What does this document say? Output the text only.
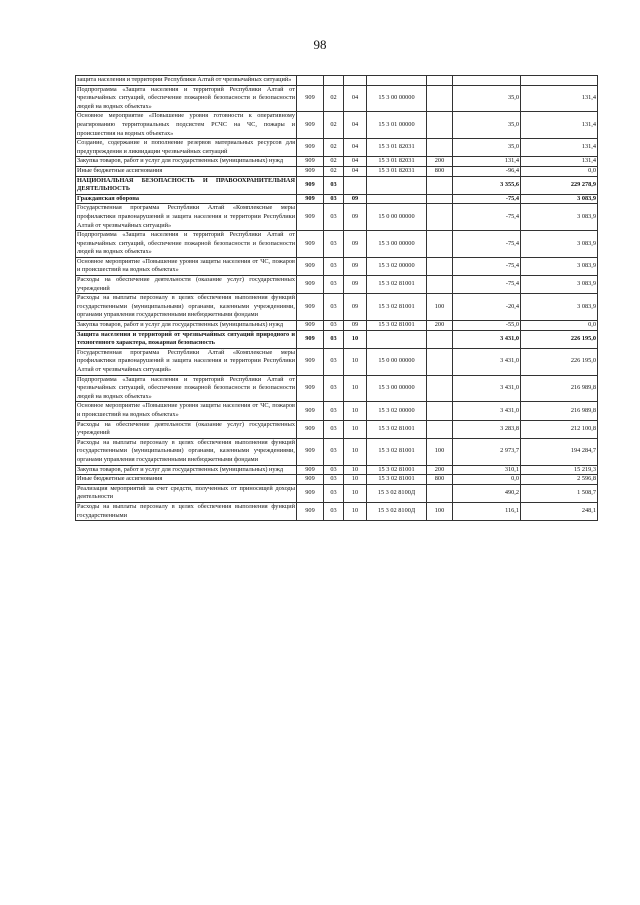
98
защита населения и территории Республики Алтай от чрезвычайных ситуаций»							
Подпрограмма «Защита населения и территорий Республики Алтай от чрезвычайных ситуаций, обеспечение пожарной безопасности и безопасности людей на водных объектах»	909	02	04	15 3 00 00000		35,0	131,4
Основное мероприятие «Повышение уровня готовности к оперативному реагированию территориальных подсистем РСЧС на ЧС, пожары и происшествия на водных объектах»	909	02	04	15 3 01 00000		35,0	131,4
Создание, содержание и пополнение резервов материальных ресурсов для предупреждения и ликвидации чрезвычайных ситуаций	909	02	04	15 3 01 82031		35,0	131,4
Закупка товаров, работ и услуг для государственных (муниципальных) нужд	909	02	04	15 3 01 82031	200	131,4	131,4
Иные бюджетные ассигнования	909	02	04	15 3 01 82031	800	-96,4	0,0
НАЦИОНАЛЬНАЯ БЕЗОПАСНОСТЬ И ПРАВООХРАНИТЕЛЬНАЯ ДЕЯТЕЛЬНОСТЬ	909	03				3 355,6	229 278,9
Гражданская оборона	909	03	09			-75,4	3 083,9
Государственная программа Республики Алтай «Комплексные меры профилактики правонарушений и защита населения и территории Республики Алтай от чрезвычайных ситуаций»	909	03	09	15 0 00 00000		-75,4	3 083,9
Подпрограмма «Защита населения и территорий Республики Алтай от чрезвычайных ситуаций, обеспечение пожарной безопасности и безопасности людей на водных объектах»	909	03	09	15 3 00 00000		-75,4	3 083,9
Основное мероприятие «Повышение уровня защиты населения от ЧС, пожаров и происшествий на водных объектах»	909	03	09	15 3 02 00000		-75,4	3 083,9
Расходы на обеспечение деятельности (оказание услуг) государственных учреждений	909	03	09	15 3 02 81001		-75,4	3 083,9
Расходы на выплаты персоналу в целях обеспечения выполнения функций государственными (муниципальными) органами, казенными учреждениями, органами управления государственными внебюджетными фондами	909	03	09	15 3 02 81001	100	-20,4	3 083,9
Закупка товаров, работ и услуг для государственных (муниципальных) нужд	909	03	09	15 3 02 81001	200	-55,0	0,0
Защита населения и территорий от чрезвычайных ситуаций природного и техногенного характера, пожарная безопасность	909	03	10			3 431,0	226 195,0
Государственная программа Республики Алтай «Комплексные меры профилактики правонарушений и защита населения и территории Республики Алтай от чрезвычайных ситуаций»	909	03	10	15 0 00 00000		3 431,0	226 195,0
Подпрограмма «Защита населения и территорий Республики Алтай от чрезвычайных ситуаций, обеспечение пожарной безопасности и безопасности людей на водных объектах»	909	03	10	15 3 00 00000		3 431,0	216 989,8
Основное мероприятие «Повышение уровня защиты населения от ЧС, пожаров и происшествий на водных объектах»	909	03	10	15 3 02 00000		3 431,0	216 989,8
Расходы на обеспечение деятельности (оказание услуг) государственных учреждений	909	03	10	15 3 02 81001		3 283,8	212 100,8
Расходы на выплаты персоналу в целях обеспечения выполнения функций государственными (муниципальными) органами, казенными учреждениями, органами управления государственными внебюджетными фондами	909	03	10	15 3 02 81001	100	2 973,7	194 284,7
Закупка товаров, работ и услуг для государственных (муниципальных) нужд	909	03	10	15 3 02 81001	200	310,1	15 219,3
Иные бюджетные ассигнования	909	03	10	15 3 02 81001	800	0,0	2 596,8
Реализация мероприятий за счет средств, полученных от приносящей доходы деятельности	909	03	10	15 3 02 8100Д		490,2	1 508,7
Расходы на выплаты персоналу в целях обеспечения выполнения функций государственными	909	03	10	15 3 02 8100Д	100	116,1	248,1
